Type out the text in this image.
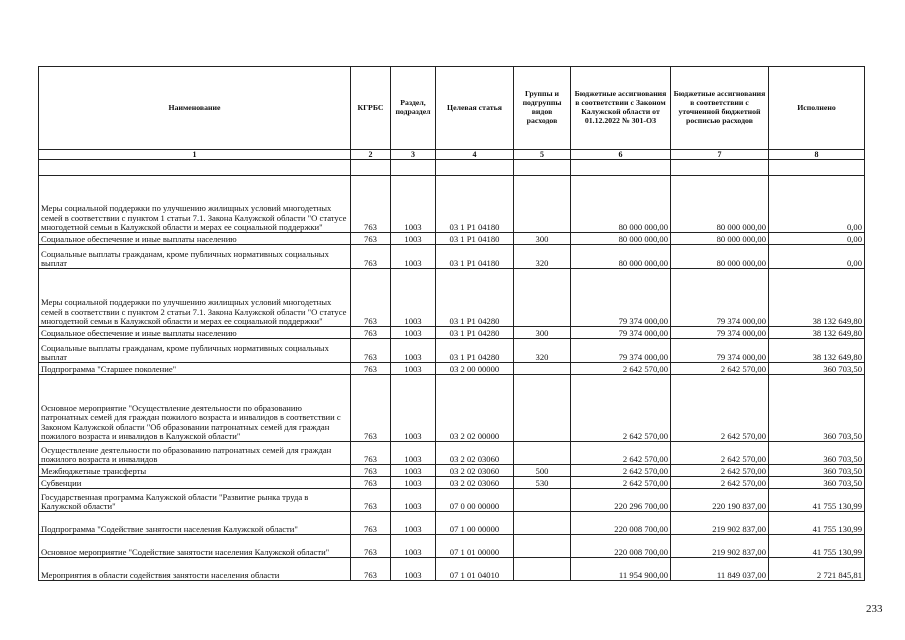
Наименование	КГРБС	Раздел, подраздел	Целевая статья	Группы и подгруппы видов расходов	Бюджетные ассигнования в соответствии с Законом Калужской области от 01.12.2022 № 301-ОЗ	Бюджетные ассигнования в соответствии с уточненной бюджетной росписью расходов	Исполнено
1	2	3	4	5	6	7	8

Меры социальной поддержки по улучшению жилищных условий многодетных семей в соответствии с пунктом 1 статьи 7.1. Закона Калужской области "О статусе многодетной семьи в Калужской области и мерах ее социальной поддержки"	763	1003	03 1 P1 04180		80 000 000,00	80 000 000,00	0,00
Социальное обеспечение и иные выплаты населению	763	1003	03 1 P1 04180	300	80 000 000,00	80 000 000,00	0,00
Социальные выплаты гражданам, кроме публичных нормативных социальных выплат	763	1003	03 1 P1 04180	320	80 000 000,00	80 000 000,00	0,00
Меры социальной поддержки по улучшению жилищных условий многодетных семей в соответствии с пунктом 2 статьи 7.1. Закона Калужской области "О статусе многодетной семьи в Калужской области и мерах ее социальной поддержки"	763	1003	03 1 P1 04280		79 374 000,00	79 374 000,00	38 132 649,80
Социальное обеспечение и иные выплаты населению	763	1003	03 1 P1 04280	300	79 374 000,00	79 374 000,00	38 132 649,80
Социальные выплаты гражданам, кроме публичных нормативных социальных выплат	763	1003	03 1 P1 04280	320	79 374 000,00	79 374 000,00	38 132 649,80
Подпрограмма "Старшее поколение"	763	1003	03 2 00 00000		2 642 570,00	2 642 570,00	360 703,50
Основное мероприятие "Осуществление деятельности по образованию патронатных семей для граждан пожилого возраста и инвалидов в соответствии с Законом Калужской области "Об образовании патронатных семей для граждан пожилого возраста и инвалидов в Калужской области"	763	1003	03 2 02 00000		2 642 570,00	2 642 570,00	360 703,50
Осуществление деятельности по образованию патронатных семей для граждан пожилого возраста и инвалидов	763	1003	03 2 02 03060		2 642 570,00	2 642 570,00	360 703,50
Межбюджетные трансферты	763	1003	03 2 02 03060	500	2 642 570,00	2 642 570,00	360 703,50
Субвенции	763	1003	03 2 02 03060	530	2 642 570,00	2 642 570,00	360 703,50
Государственная программа Калужской области "Развитие рынка труда в Калужской области"	763	1003	07 0 00 00000		220 296 700,00	220 190 837,00	41 755 130,99
Подпрограмма "Содействие занятости населения Калужской области"	763	1003	07 1 00 00000		220 008 700,00	219 902 837,00	41 755 130,99
Основное мероприятие "Содействие занятости населения Калужской области"	763	1003	07 1 01 00000		220 008 700,00	219 902 837,00	41 755 130,99
Мероприятия в области содействия занятости населения области	763	1003	07 1 01 04010		11 954 900,00	11 849 037,00	2 721 845,81
233
